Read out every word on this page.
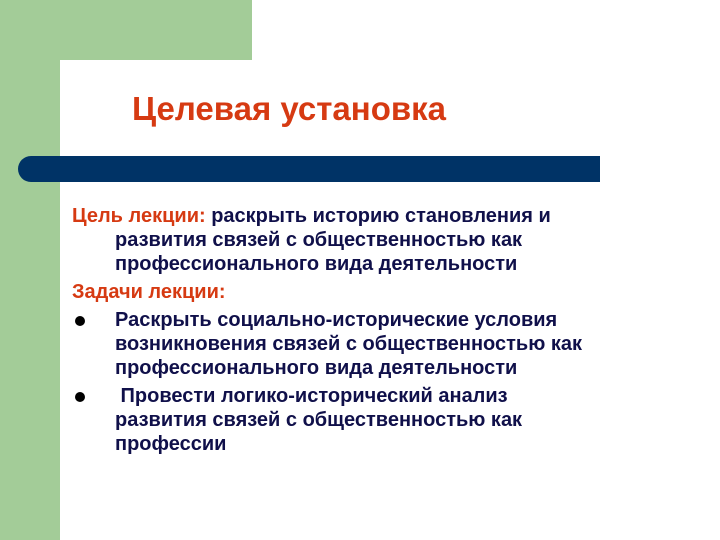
Целевая установка
Цель лекции: раскрыть историю становления и
развития связей с общественностью как
профессионального вида деятельности
Задачи лекции:
Раскрыть социально-исторические условия
возникновения связей с общественностью как
профессионального вида деятельности
Провести логико-исторический анализ
развития связей с общественностью как
профессии
